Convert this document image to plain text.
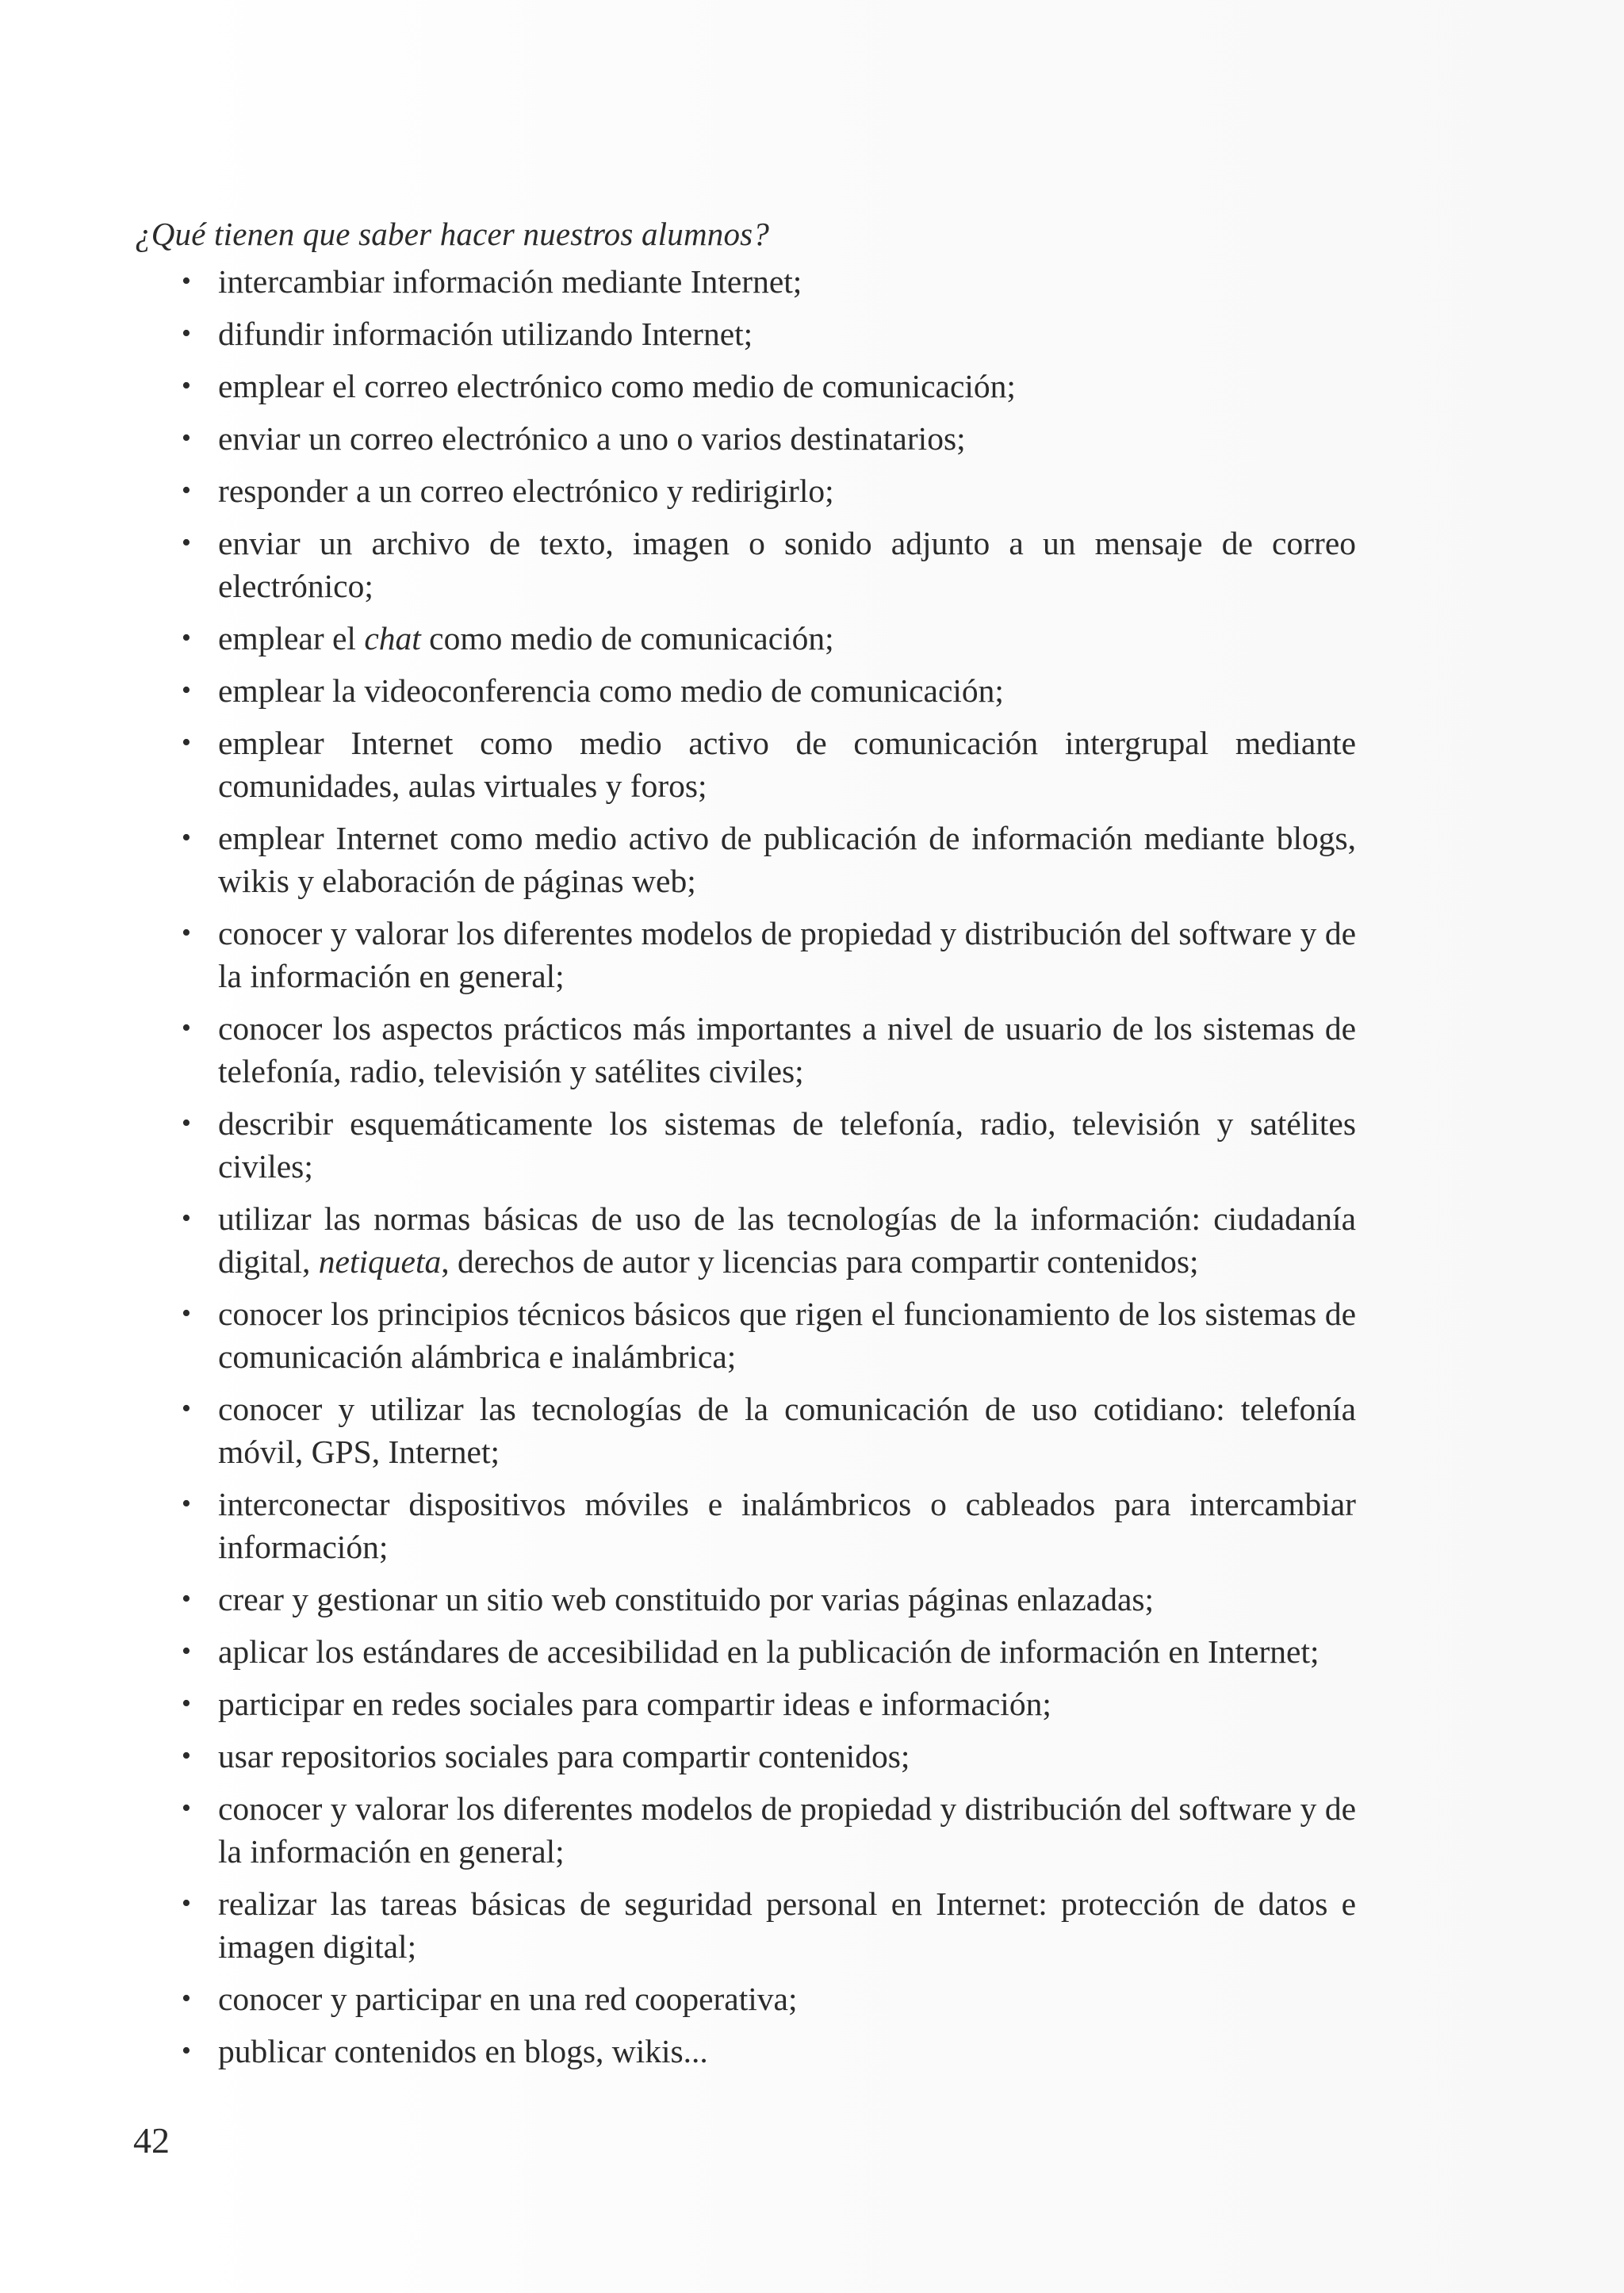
¿Qué tienen que saber hacer nuestros alumnos?

• intercambiar información mediante Internet;
• difundir información utilizando Internet;
• emplear el correo electrónico como medio de comunicación;
• enviar un correo electrónico a uno o varios destinatarios;
• responder a un correo electrónico y redirigirlo;
• enviar un archivo de texto, imagen o sonido adjunto a un mensaje de correo electrónico;
• emplear el chat como medio de comunicación;
• emplear la videoconferencia como medio de comunicación;
• emplear Internet como medio activo de comunicación intergrupal mediante comunidades, aulas virtuales y foros;
• emplear Internet como medio activo de publicación de información mediante blogs, wikis y elaboración de páginas web;
• conocer y valorar los diferentes modelos de propiedad y distribución del software y de la información en general;
• conocer los aspectos prácticos más importantes a nivel de usuario de los sistemas de telefonía, radio, televisión y satélites civiles;
• describir esquemáticamente los sistemas de telefonía, radio, televisión y satélites civiles;
• utilizar las normas básicas de uso de las tecnologías de la información: ciudadanía digital, netiqueta, derechos de autor y licencias para compartir contenidos;
• conocer los principios técnicos básicos que rigen el funcionamiento de los sistemas de comunicación alámbrica e inalámbrica;
• conocer y utilizar las tecnologías de la comunicación de uso cotidiano: telefonía móvil, GPS, Internet;
• interconectar dispositivos móviles e inalámbricos o cableados para intercambiar información;
• crear y gestionar un sitio web constituido por varias páginas enlazadas;
• aplicar los estándares de accesibilidad en la publicación de información en Internet;
• participar en redes sociales para compartir ideas e información;
• usar repositorios sociales para compartir contenidos;
• conocer y valorar los diferentes modelos de propiedad y distribución del software y de la información en general;
• realizar las tareas básicas de seguridad personal en Internet: protección de datos e imagen digital;
• conocer y participar en una red cooperativa;
• publicar contenidos en blogs, wikis...
42
